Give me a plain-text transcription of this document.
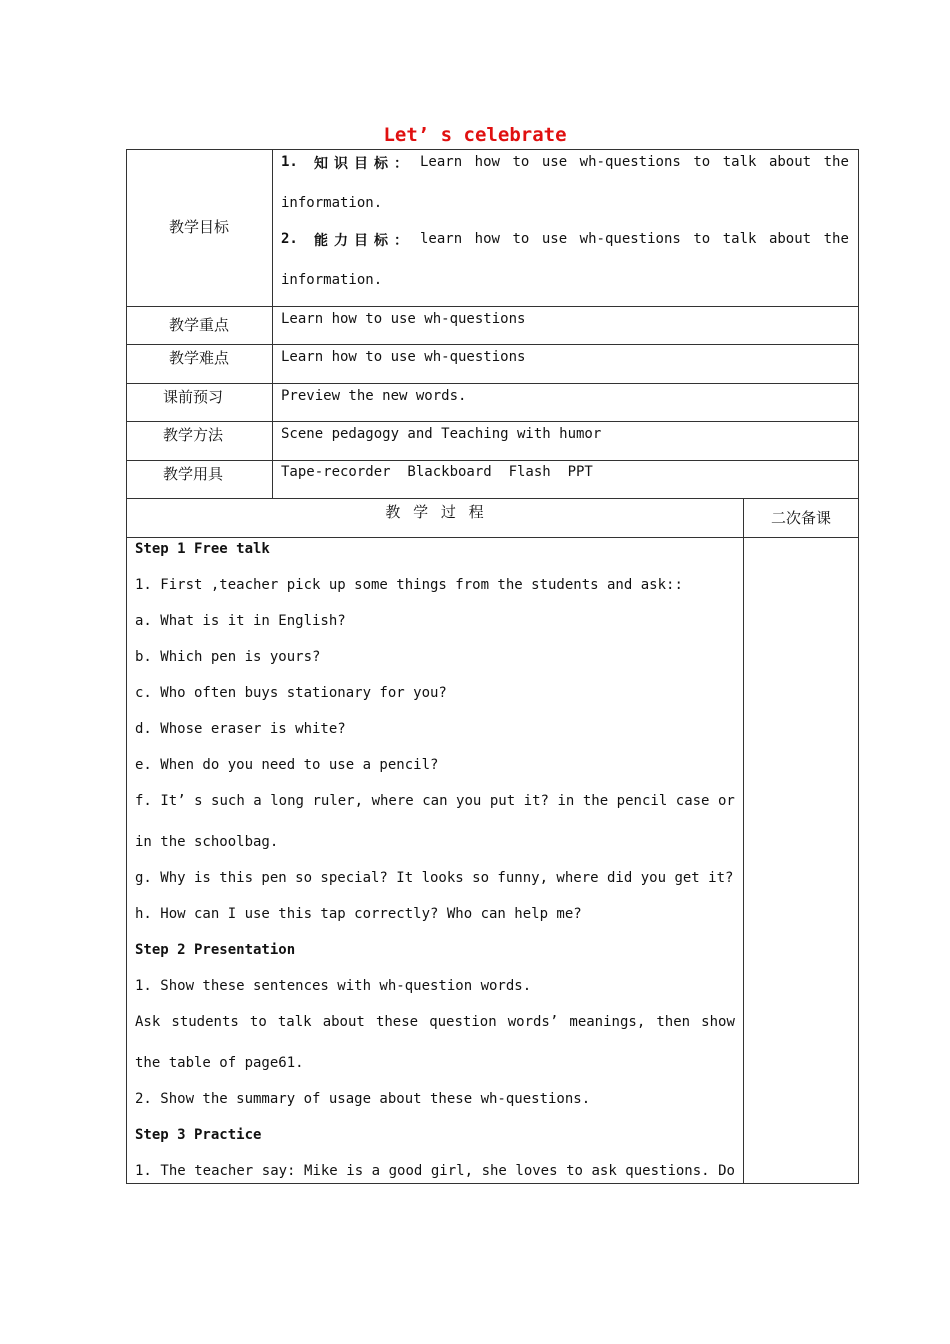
Let’ s celebrate
教学目标
教学重点
教学难点
课前预习
教学方法
教学用具
1. 知识目标： Learn how to use wh-questions to talk about the
information.
2. 能力目标： learn how to use wh-questions to talk about the
information.
Learn how to use wh-questions
Learn how to use wh-questions
Preview the new words.
Scene pedagogy and Teaching with humor
Tape-recorder  Blackboard  Flash  PPT
教 学 过 程	二次备课
Step 1 Free talk
1. First ,teacher pick up some things from the students and ask::
a. What is it in English?
b. Which pen is yours?
c. Who often buys stationary for you?
d. Whose eraser is white?
e. When do you need to use a pencil?
f. It’ s such a long ruler, where can you put it? in the pencil case or
in the schoolbag.
g. Why is this pen so special? It looks so funny, where did you get it?
h. How can I use this tap correctly? Who can help me?
Step 2 Presentation
1. Show these sentences with wh-question words.
Ask students to talk about these question words’ meanings, then show
the table of page61.
2. Show the summary of usage about these wh-questions.
Step 3 Practice
1. The teacher say: Mike is a good girl, she loves to ask questions. Do
